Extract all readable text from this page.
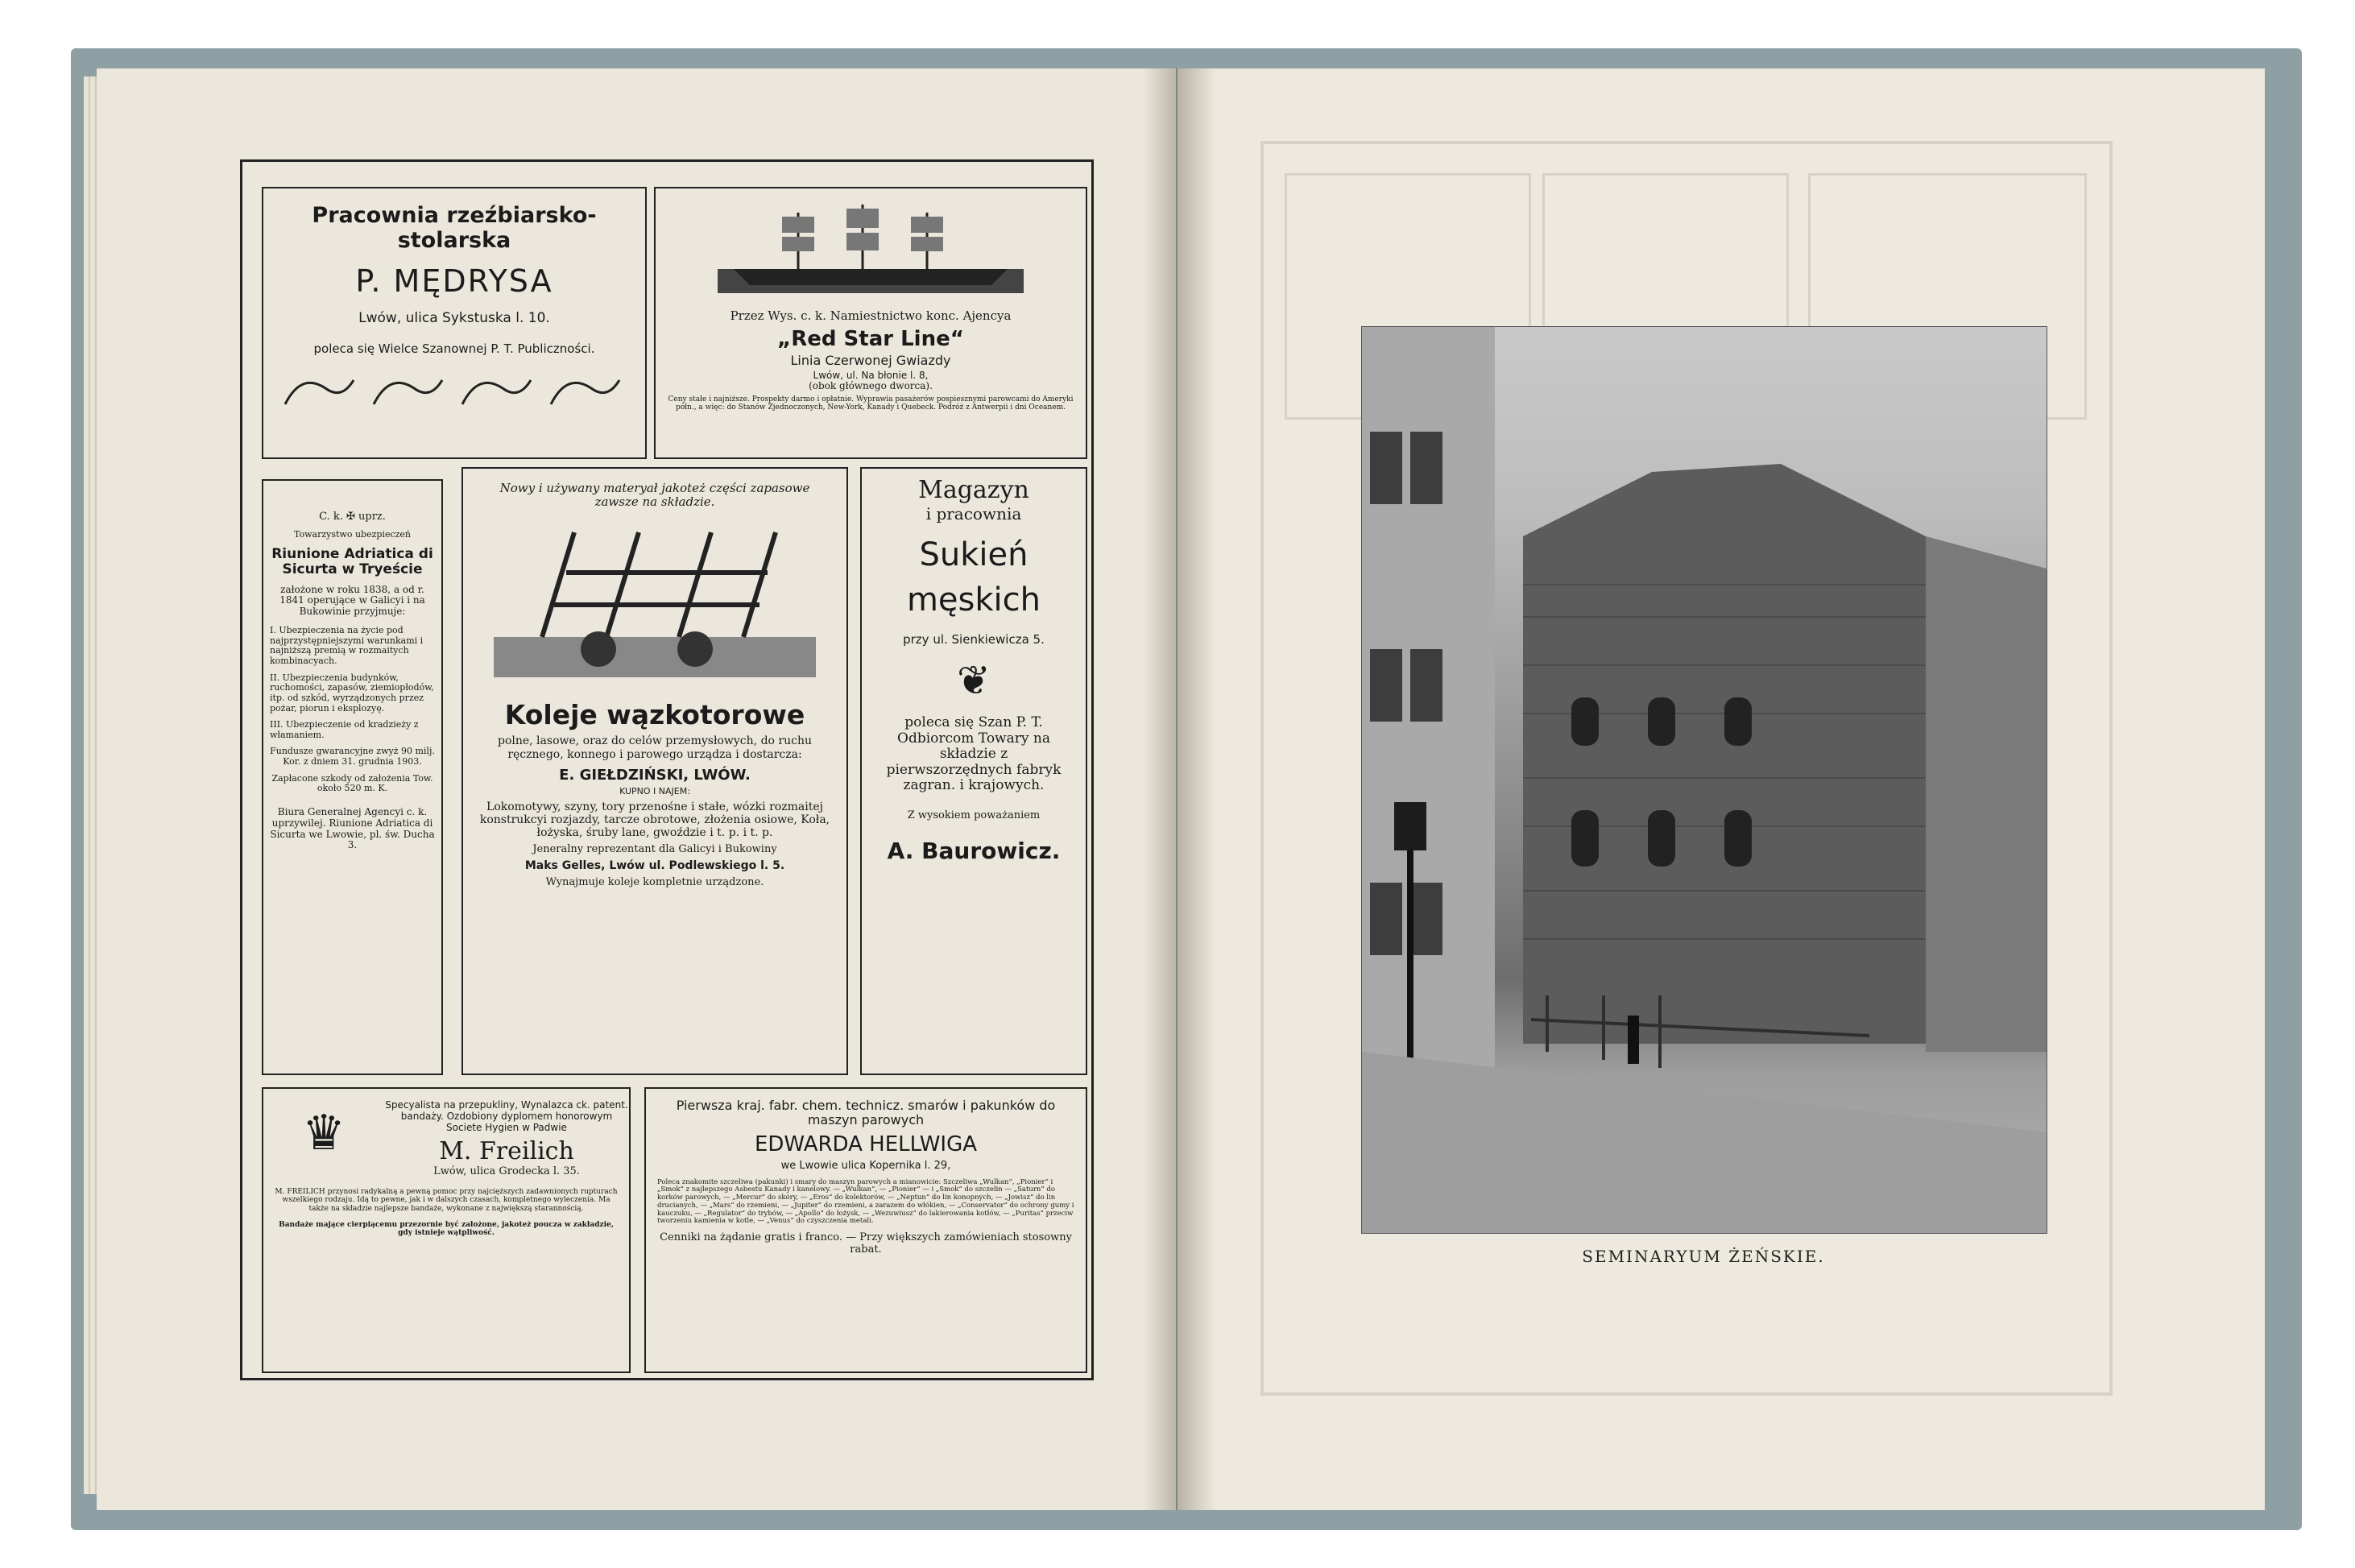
Pracownia rzeźbiarsko-stolarska
P. MĘDRYSA
Lwów, ulica Sykstuska l. 10.
poleca się Wielce Szanownej P. T. Publiczności.
Przez Wys. c. k. Namiestnictwo konc. Ajencya
„Red Star Line“
Linia Czerwonej Gwiazdy
Lwów, ul. Na błonie l. 8,
(obok głównego dworca).
Ceny stałe i najniższe. Prospekty darmo i opłatnie. Wyprawia pasażerów pospiesznymi parowcami do Ameryki półn., a więc: do Stanów Zjednoczonych, New-York, Kanady i Quebeck. Podróż z Antwerpii i dni Oceanem.
C. k. ✠ uprz.
Towarzystwo ubezpieczeń
Riunione Adriatica di Sicurta w Tryeście
założone w roku 1838, a od r. 1841 operujące w Galicyi i na Bukowinie przyjmuje:
I. Ubezpieczenia na życie pod najprzystępniejszymi warunkami i najniższą premią w rozmaitych kombinacyach.
II. Ubezpieczenia budynków, ruchomości, zapasów, ziemiopłodów, itp. od szkód, wyrządzonych przez pożar, piorun i eksplozyę.
III. Ubezpieczenie od kradzieży z włamaniem.
Fundusze gwarancyjne zwyż 90 milj. Kor. z dniem 31. grudnia 1903.
Zapłacone szkody od założenia Tow. około 520 m. K.
Biura Generalnej Agencyi c. k. uprzywilej. Riunione Adriatica di Sicurta we Lwowie, pl. św. Ducha 3.
Nowy i używany materyał jakoteż części zapasowe zawsze na składzie.
Koleje wązkotorowe
polne, lasowe, oraz do celów przemysłowych, do ruchu ręcznego, konnego i parowego urządza i dostarcza:
E. GIEŁDZIŃSKI, LWÓW.
KUPNO I NAJEM:
Lokomotywy, szyny, tory przenośne i stałe, wózki rozmaitej konstrukcyi rozjazdy, tarcze obrotowe, złożenia osiowe, Koła, łożyska, śruby lane, gwoździe i t. p. i t. p.
Jeneralny reprezentant dla Galicyi i Bukowiny
Maks Gelles, Lwów ul. Podlewskiego l. 5.
Wynajmuje koleje kompletnie urządzone.
Magazyn
i pracownia
Sukień
męskich
przy ul. Sienkiewicza 5.
❦
poleca się Szan P. T. Odbiorcom Towary na składzie z pierwszorzędnych fabryk zagran. i krajowych.
Z wysokiem poważaniem
A. Baurowicz.
♛	Specyalista na przepukliny, Wynalazca ck. patent. bandaży. Ozdobiony dyplomem honorowym Societe Hygien w Padwie
M. Freilich
Lwów, ulica Grodecka l. 35.
M. FREILICH przynosi radykalną a pewną pomoc przy najcięższych zadawnionych rupturach wszelkiego rodzaju. Idą to pewne, jak i w dalszych czasach, kompletnego wyleczenia. Ma także na składzie najlepsze bandaże, wykonane z największą starannością.
Bandaże mające cierpiącemu przezornie być założone, jakoteż poucza w zakładzie, gdy istnieje wątpliwość.
Pierwsza kraj. fabr. chem. technicz. smarów i pakunków do maszyn parowych
EDWARDA HELLWIGA
we Lwowie ulica Kopernika l. 29,
Poleca znakomite szczeliwa (pakunki) i smary do maszyn parowych a mianowicie: Szczeliwa „Wulkan“, „Pionier“ i „Smok“ z najlepszego Asbestu Kanady i kanelowy. — „Wulkan“, — „Pionier“ — i „Smok“ do szczelin — „Saturn“ do korków parowych, — „Mercur“ do skóry, — „Eros“ do kolektorów, — „Neptun“ do lin konopnych, — „Jowisz“ do lin drucianych, — „Mars“ do rzemieni, — „Jupiter“ do rzemieni, a zarazem do włókien, — „Conservator“ do ochrony gumy i kauczuku, — „Regulator“ do trybów, — „Apollo“ do łożysk, — „Wezuwiusz“ do lakierowania kotłów, — „Puritas“ przeciw tworzeniu kamienia w kotle, — „Venus“ do czyszczenia metali.
Cenniki na żądanie gratis i franco. — Przy większych zamówieniach stosowny rabat.	SEMINARYUM ŻEŃSKIE.
